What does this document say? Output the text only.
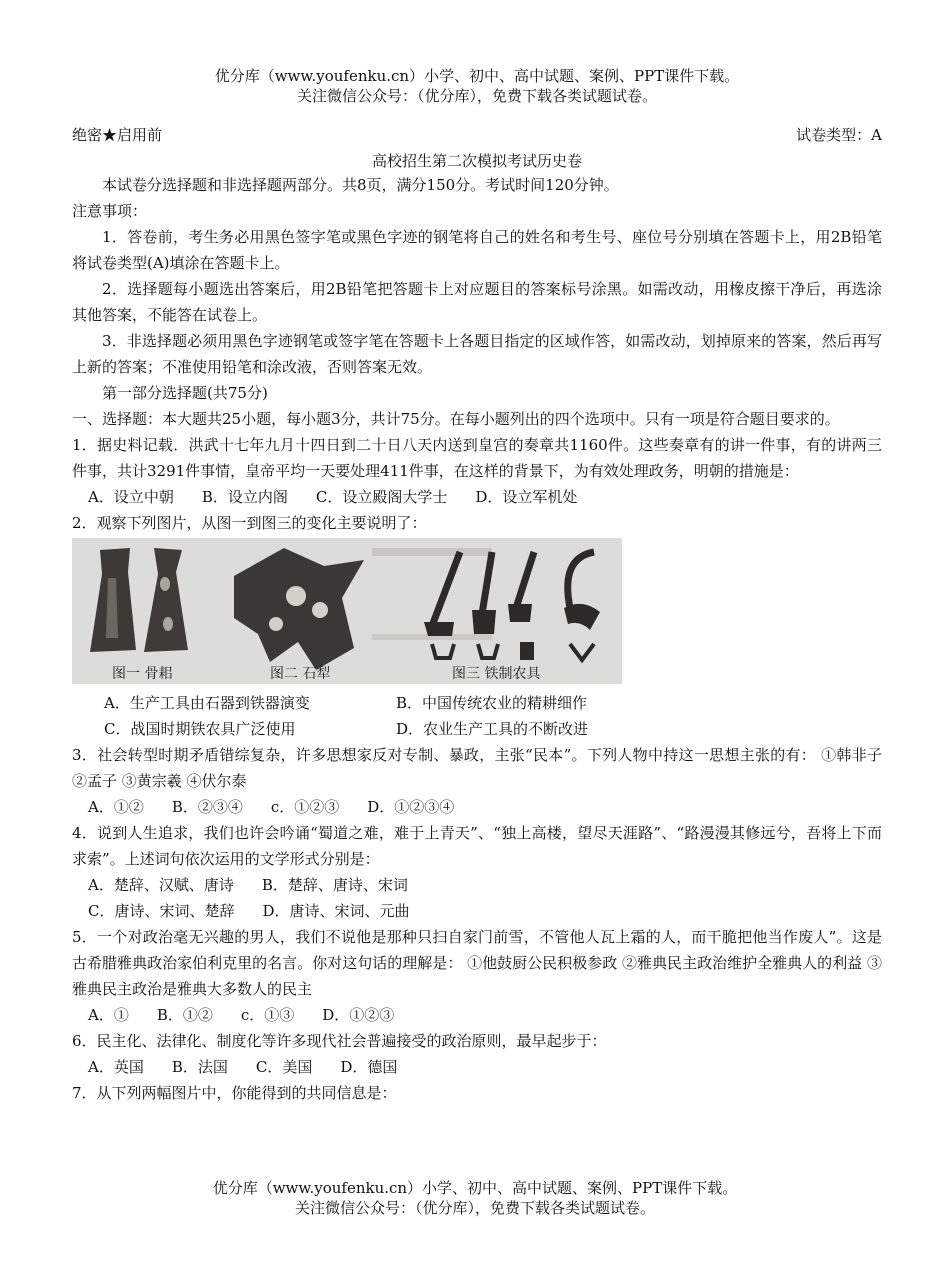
优分库（www.youfenku.cn）小学、初中、高中试题、案例、PPT课件下载。
关注微信公众号：（优分库），免费下载各类试题试卷。
绝密★启用前	试卷类型：A
高校招生第二次模拟考试历史卷

本试卷分选择题和非选择题两部分。共8页，满分150分。考试时间120分钟。

注意事项：

1．答卷前，考生务必用黑色签字笔或黑色字迹的钢笔将自己的姓名和考生号、座位号分别填在答题卡上，用2B铅笔将试卷类型(A)填涂在答题卡上。

2．选择题每小题选出答案后，用2B铅笔把答题卡上对应题目的答案标号涂黑。如需改动，用橡皮擦干净后，再选涂其他答案，不能答在试卷上。

3．非选择题必须用黑色字迹钢笔或签字笔在答题卡上各题目指定的区域作答，如需改动，划掉原来的答案，然后再写上新的答案；不准使用铅笔和涂改液，否则答案无效。

第一部分选择题(共75分)

一、选择题：本大题共25小题，每小题3分，共计75分。在每小题列出的四个选项中。只有一项是符合题目要求的。

1．据史料记载．洪武十七年九月十四日到二十日八天内送到皇宫的奏章共1160件。这些奏章有的讲一件事，有的讲两三件事，共计3291件事情，皇帝平均一天要处理411件事，在这样的背景下，为有效处理政务，明朝的措施是：

A．设立中朝 B．设立内阁 C．设立殿阁大学士 D．设立军机处

2．观察下列图片，从图一到图三的变化主要说明了：

图一 骨耜	图二 石犁	图三 铁制农具
A．生产工具由石器到铁器演变	B．中国传统农业的精耕细作
C．战国时期铁农具广泛使用	D．农业生产工具的不断改进

3．社会转型时期矛盾错综复杂，许多思想家反对专制、暴政，主张“民本”。下列人物中持这一思想主张的有： ①韩非子 ②孟子 ③黄宗羲 ④伏尔泰

A．①② B．②③④ c．①②③ D．①②③④

4．说到人生追求，我们也许会吟诵“蜀道之难，难于上青天”、“独上高楼，望尽天涯路”、“路漫漫其修远兮，吾将上下而求索”。上述词句依次运用的文学形式分别是：

A．楚辞、汉赋、唐诗 B．楚辞、唐诗、宋词
C．唐诗、宋词、楚辞 D．唐诗、宋词、元曲

5．一个对政治毫无兴趣的男人，我们不说他是那种只扫自家门前雪，不管他人瓦上霜的人，而干脆把他当作废人”。这是古希腊雅典政治家伯利克里的名言。你对这句话的理解是： ①他鼓厨公民积极参政 ②雅典民主政治维护全雅典人的利益 ③雅典民主政治是雅典大多数人的民主

A．① B．①② c．①③ D．①②③

6．民主化、法律化、制度化等许多现代社会普遍接受的政治原则，最早起步于：

A．英国 B．法国 C．美国 D．德国

7．从下列两幅图片中，你能得到的共同信息是：

优分库（www.youfenku.cn）小学、初中、高中试题、案例、PPT课件下载。
关注微信公众号：（优分库），免费下载各类试题试卷。
